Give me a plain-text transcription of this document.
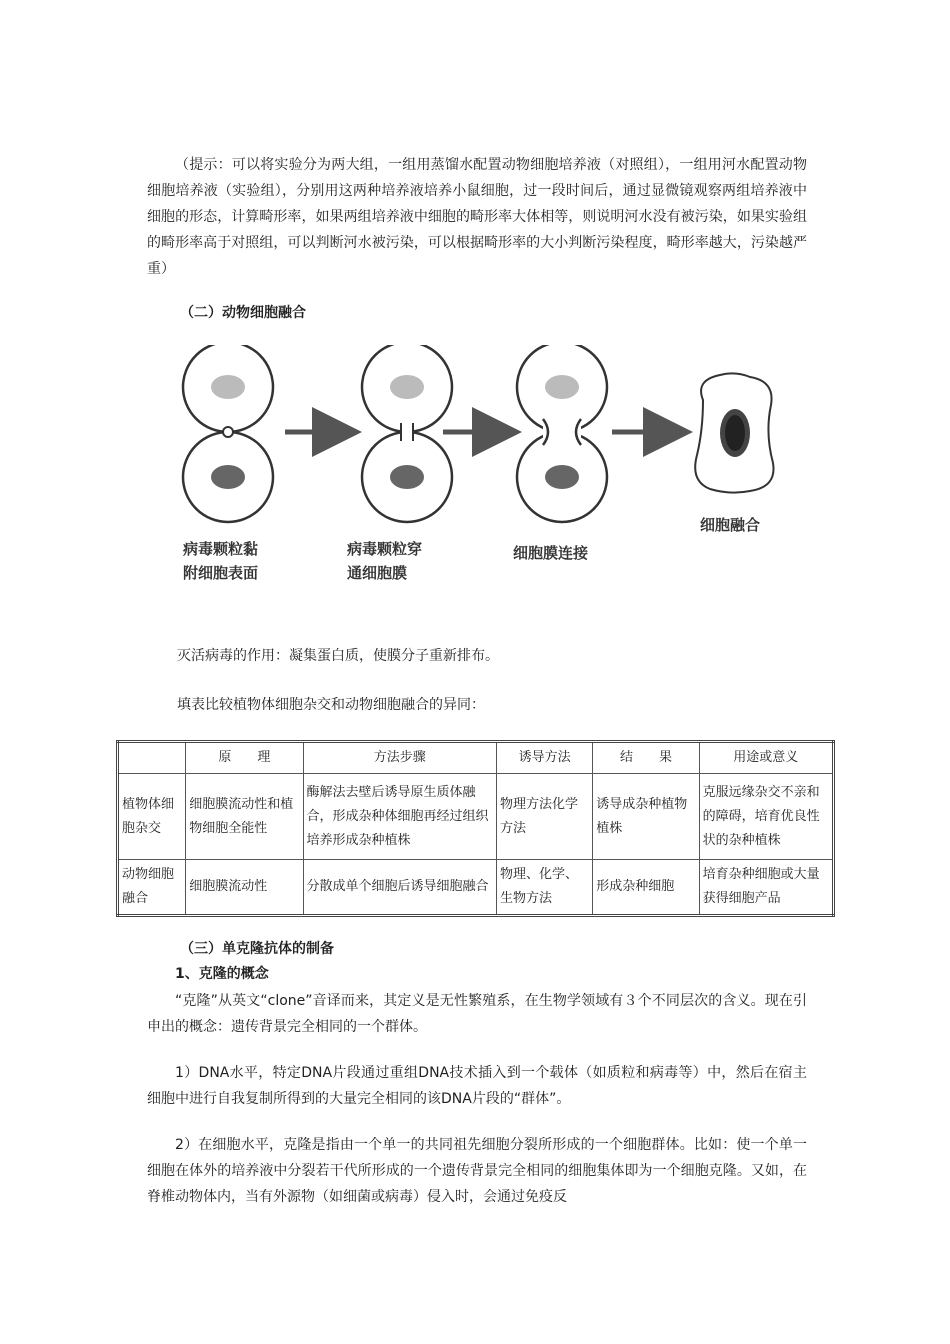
（提示：可以将实验分为两大组，一组用蒸馏水配置动物细胞培养液（对照组），一组用河水配置动物细胞培养液（实验组），分别用这两种培养液培养小鼠细胞，过一段时间后，通过显微镜观察两组培养液中细胞的形态，计算畸形率，如果两组培养液中细胞的畸形率大体相等，则说明河水没有被污染，如果实验组的畸形率高于对照组，可以判断河水被污染，可以根据畸形率的大小判断污染程度，畸形率越大，污染越严重）

（二）动物细胞融合

病毒颗粒黏
附细胞表面
病毒颗粒穿
通细胞膜
细胞膜连接
细胞融合

灭活病毒的作用：凝集蛋白质，使膜分子重新排布。

填表比较植物体细胞杂交和动物细胞融合的异同：

	原　　理	方法步骤	诱导方法	结　　果	用途或意义
植物体细胞杂交	细胞膜流动性和植物细胞全能性	酶解法去壁后诱导原生质体融合，形成杂种体细胞再经过组织培养形成杂种植株	物理方法化学方法	诱导成杂种植物植株	克服远缘杂交不亲和的障碍，培育优良性状的杂种植株
动物细胞融合	细胞膜流动性	分散成单个细胞后诱导细胞融合	物理、化学、生物方法	形成杂种细胞	培育杂种细胞或大量获得细胞产品

（三）单克隆抗体的制备

1、克隆的概念

“克隆”从英文“clone”音译而来，其定义是无性繁殖系，在生物学领域有３个不同层次的含义。现在引申出的概念：遗传背景完全相同的一个群体。

1）DNA水平，特定DNA片段通过重组DNA技术插入到一个载体（如质粒和病毒等）中，然后在宿主细胞中进行自我复制所得到的大量完全相同的该DNA片段的“群体”。

2）在细胞水平，克隆是指由一个单一的共同祖先细胞分裂所形成的一个细胞群体。比如：使一个单一细胞在体外的培养液中分裂若干代所形成的一个遗传背景完全相同的细胞集体即为一个细胞克隆。又如，在脊椎动物体内，当有外源物（如细菌或病毒）侵入时，会通过免疫反
